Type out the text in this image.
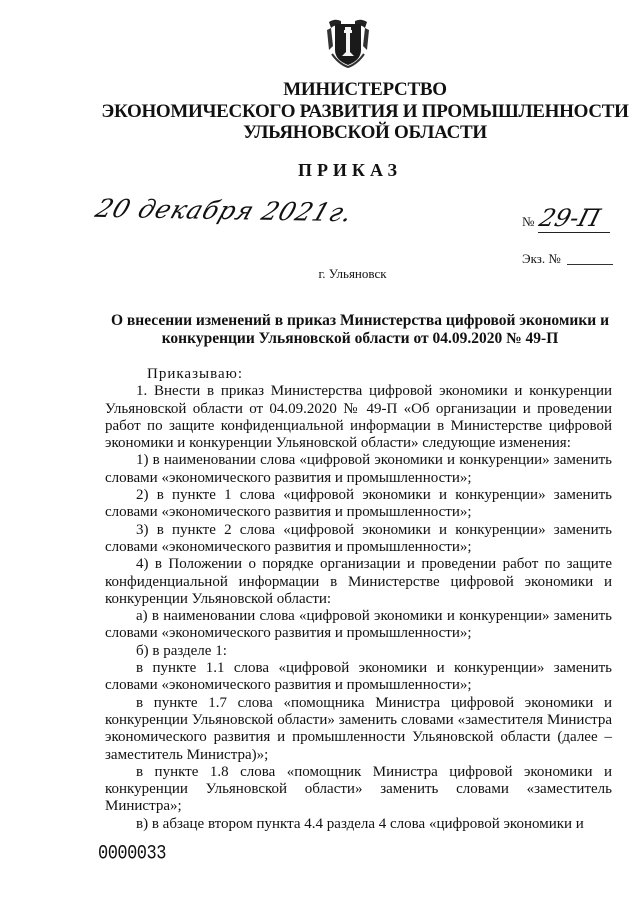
МИНИСТЕРСТВО
ЭКОНОМИЧЕСКОГО РАЗВИТИЯ И ПРОМЫШЛЕННОСТИ
УЛЬЯНОВСКОЙ ОБЛАСТИ
ПРИКАЗ
20 декабря 2021г.	№ 29-П
Экз. №
г. Ульяновск
О внесении изменений в приказ Министерства цифровой экономики и
конкуренции Ульяновской области от 04.09.2020 № 49-П

Приказываю:

1. Внести в приказ Министерства цифровой экономики и конкуренции Ульяновской области от 04.09.2020 № 49-П «Об организации и проведении работ по защите конфиденциальной информации в Министерстве цифровой экономики и конкуренции Ульяновской области» следующие изменения:

1) в наименовании слова «цифровой экономики и конкуренции» заменить словами «экономического развития и промышленности»;

2) в пункте 1 слова «цифровой экономики и конкуренции» заменить словами «экономического развития и промышленности»;

3) в пункте 2 слова «цифровой экономики и конкуренции» заменить словами «экономического развития и промышленности»;

4) в Положении о порядке организации и проведении работ по защите конфиденциальной информации в Министерстве цифровой экономики и конкуренции Ульяновской области:

а) в наименовании слова «цифровой экономики и конкуренции» заменить словами «экономического развития и промышленности»;

б) в разделе 1:

в пункте 1.1 слова «цифровой экономики и конкуренции» заменить словами «экономического развития и промышленности»;

в пункте 1.7 слова «помощника Министра цифровой экономики и конкуренции Ульяновской области» заменить словами «заместителя Министра экономического развития и промышленности Ульяновской области (далее – заместитель Министра)»;

в пункте 1.8 слова «помощник Министра цифровой экономики и конкуренции Ульяновской области» заменить словами «заместитель Министра»;

в) в абзаце втором пункта 4.4 раздела 4 слова «цифровой экономики и

0000033
